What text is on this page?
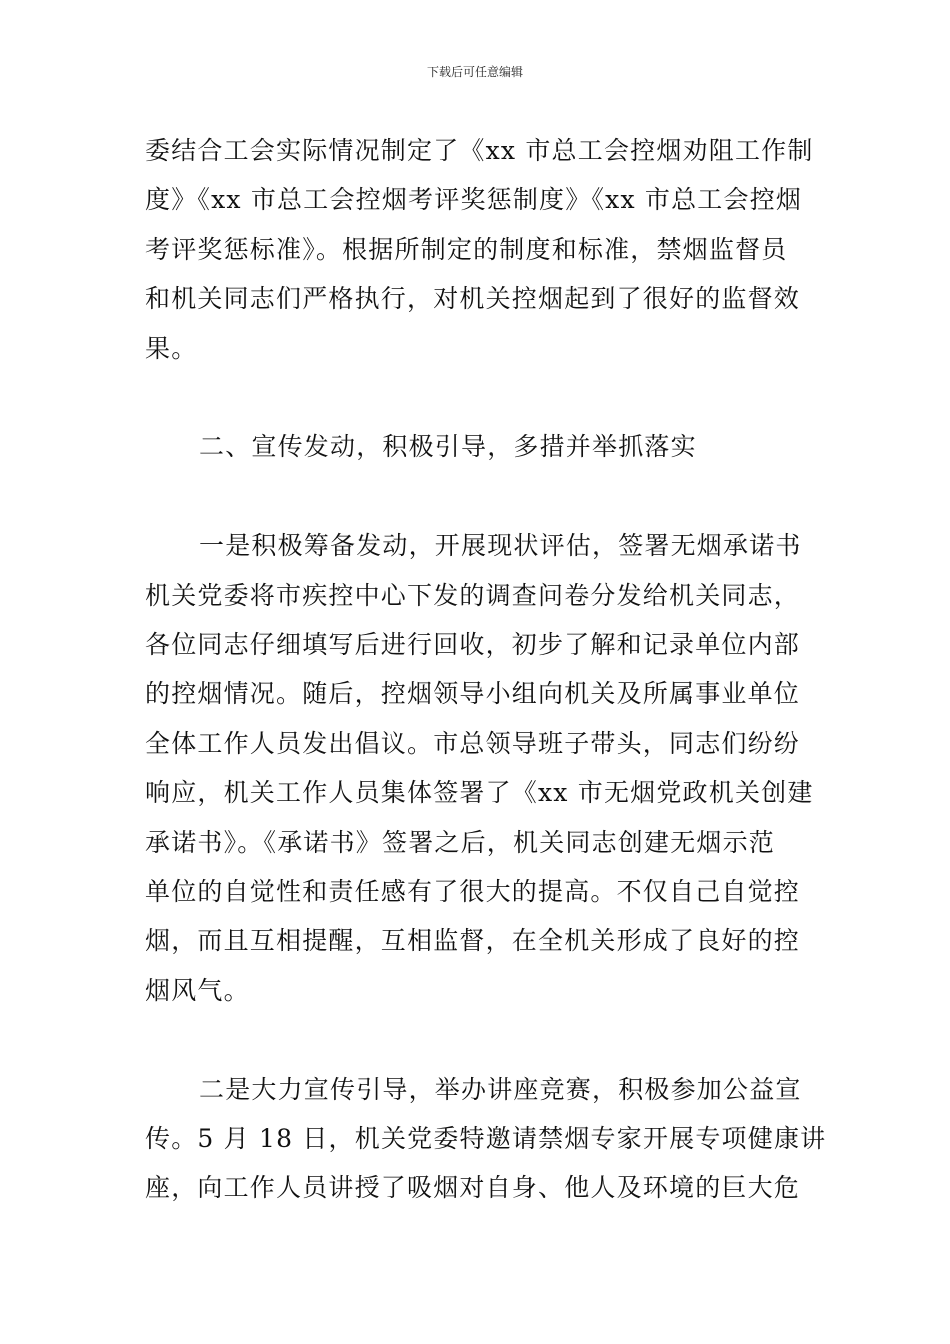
下载后可任意编辑
委结合工会实际情况制定了《xx 市总工会控烟劝阻工作制
度》《xx 市总工会控烟考评奖惩制度》《xx 市总工会控烟
考评奖惩标准》。根据所制定的制度和标准，禁烟监督员
和机关同志们严格执行，对机关控烟起到了很好的监督效
果。
二、宣传发动，积极引导，多措并举抓落实
一是积极筹备发动，开展现状评估，签署无烟承诺书
机关党委将市疾控中心下发的调查问卷分发给机关同志，
各位同志仔细填写后进行回收，初步了解和记录单位内部
的控烟情况。随后，控烟领导小组向机关及所属事业单位
全体工作人员发出倡议。市总领导班子带头，同志们纷纷
响应，机关工作人员集体签署了《xx 市无烟党政机关创建
承诺书》。《承诺书》签署之后，机关同志创建无烟示范
单位的自觉性和责任感有了很大的提高。不仅自己自觉控
烟，而且互相提醒，互相监督，在全机关形成了良好的控
烟风气。
二是大力宣传引导，举办讲座竞赛，积极参加公益宣
传。5 月 18 日，机关党委特邀请禁烟专家开展专项健康讲
座，向工作人员讲授了吸烟对自身、他人及环境的巨大危
